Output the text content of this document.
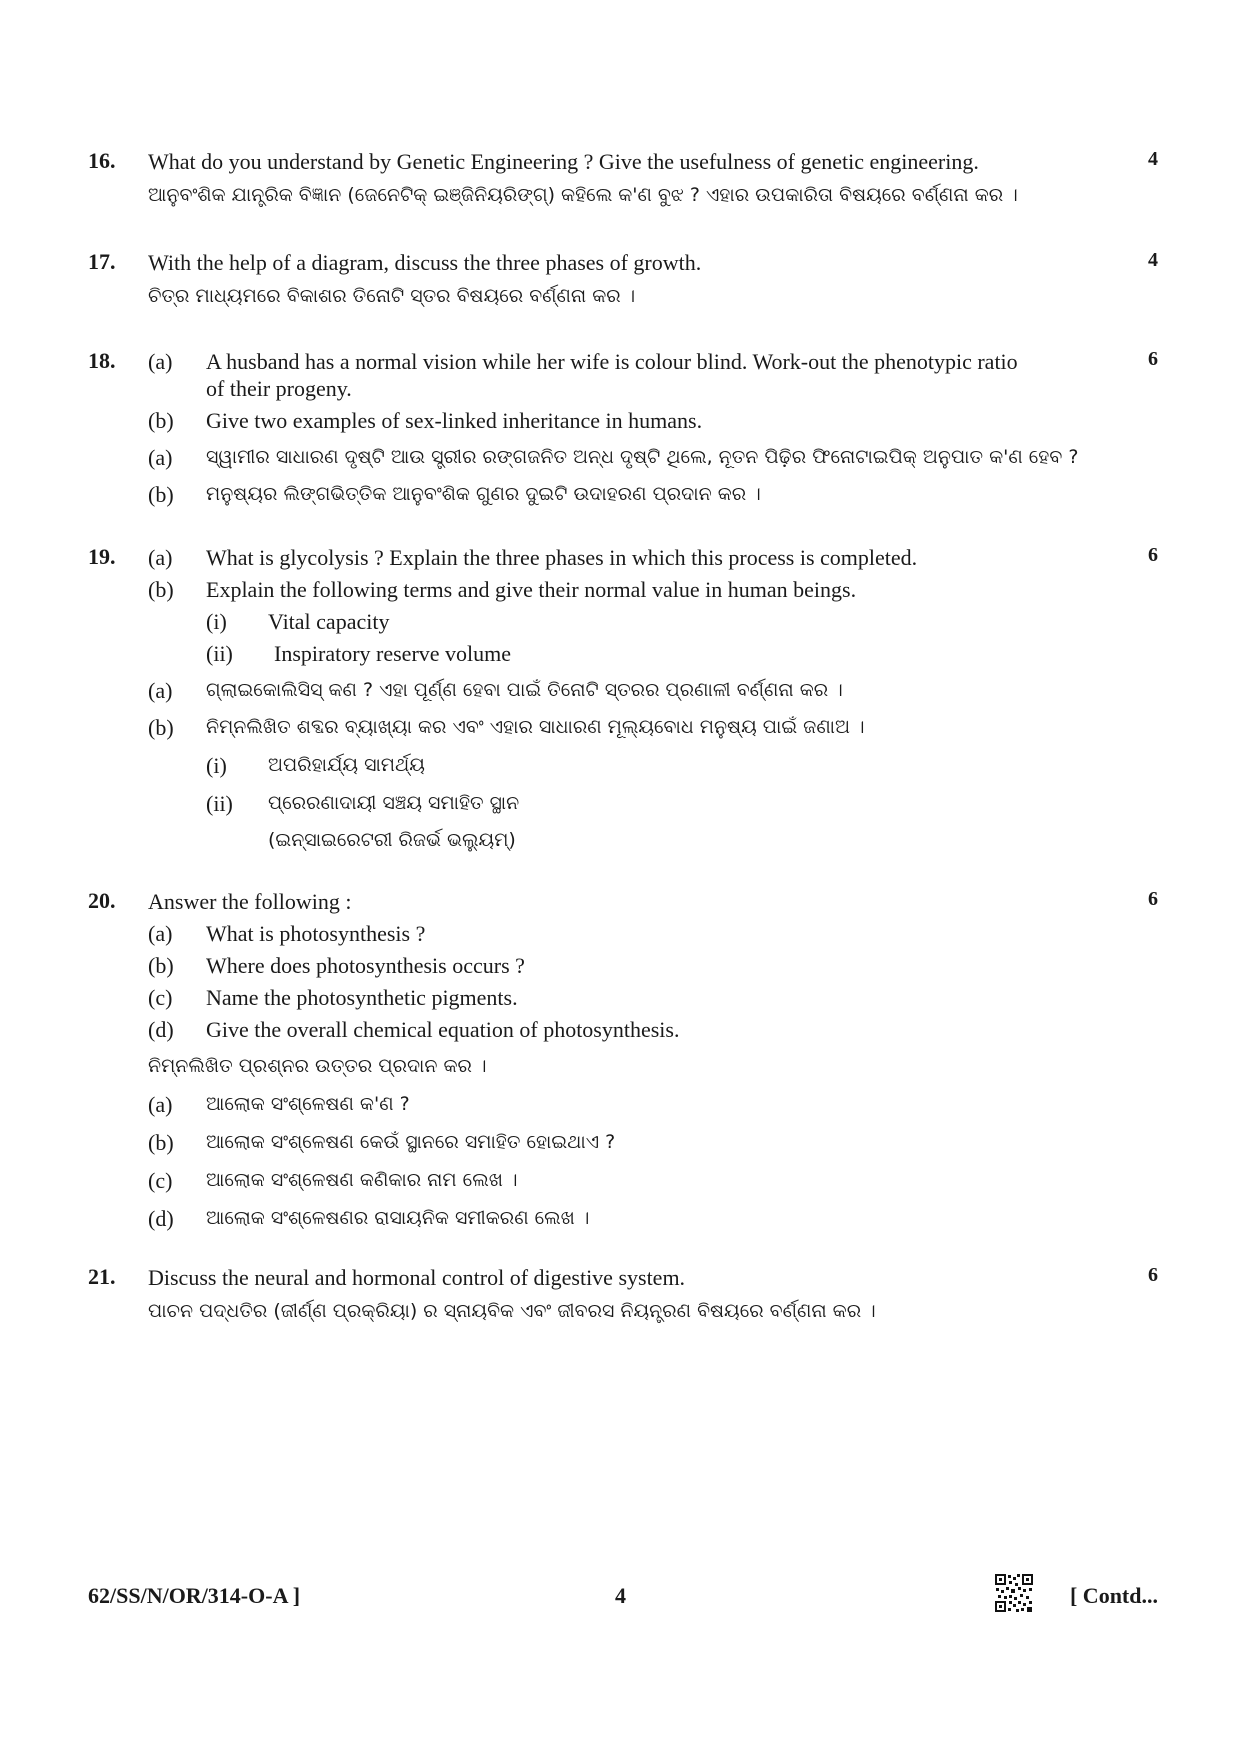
16. What do you understand by Genetic Engineering ? Give the usefulness of genetic engineering.
ଆନୁବଂଶିକ ଯାନ୍ତ୍ରିକ ବିଜ୍ଞାନ (ଜେନେଟିକ୍ ଇଞ୍ଜିନିୟରିଙ୍ଗ୍) କହିଲେ କ'ଣ ବୁଝ ? ଏହାର ଉପକାରିତା ବିଷୟରେ ବର୍ଣ୍ଣନା କର ।
4
17. With the help of a diagram, discuss the three phases of growth.
ଚିତ୍ର ମାଧ୍ୟମରେ ବିକାଶର ତିନୋଟି ସ୍ତର ବିଷୟରେ ବର୍ଣ୍ଣନା କର ।
4
18. (a) A husband has a normal vision while her wife is colour blind. Work-out the phenotypic ratio of their progeny.
(b) Give two examples of sex-linked inheritance in humans.
(a) ସ୍ୱାମୀର ସାଧାରଣ ଦୃଷ୍ଟି ଆଉ ସ୍ତ୍ରୀର ରଙ୍ଗଜନିତ ଅନ୍ଧ ଦୃଷ୍ଟି ଥିଲେ, ନୂତନ ପିଢ଼ିର ଫିନୋଟାଇପିକ୍ ଅନୁପାତ କ'ଣ ହେବ ?
(b) ମନୁଷ୍ୟର ଲିଙ୍ଗଭିତ୍ତିକ ଆନୁବଂଶିକ ଗୁଣର ଦୁଇଟି ଉଦାହରଣ ପ୍ରଦାନ କର ।
6
19. (a) What is glycolysis ? Explain the three phases in which this process is completed.
(b) Explain the following terms and give their normal value in human beings.
(i) Vital capacity
(ii) Inspiratory reserve volume
(a) ଗ୍ଲାଇକୋଲିସିସ୍ କଣ ? ଏହା ପୂର୍ଣ୍ଣ ହେବା ପାଇଁ ତିନୋଟି ସ୍ତରର ପ୍ରଣାଳୀ ବର୍ଣ୍ଣନା କର ।
(b) ନିମ୍ନଲିଖିତ ଶବ୍ଦର ବ୍ୟାଖ୍ୟା କର ଏବଂ ଏହାର ସାଧାରଣ ମୂଲ୍ୟବୋଧ ମନୁଷ୍ୟ ପାଇଁ ଜଣାଅ ।
(i) ଅପରିହାର୍ଯ୍ୟ ସାମର୍ଥ୍ୟ
(ii) ପ୍ରେରଣାଦାୟୀ ସଞ୍ଚୟ ସମାହିତ ସ୍ଥାନ
(ଇନ୍ସାଇରେଟରୀ ରିଜର୍ଭ ଭଲ୍ୟୁମ୍)
6
20. Answer the following :
(a) What is photosynthesis ?
(b) Where does photosynthesis occurs ?
(c) Name the photosynthetic pigments.
(d) Give the overall chemical equation of photosynthesis.
ନିମ୍ନଲିଖିତ ପ୍ରଶ୍ନର ଉତ୍ତର ପ୍ରଦାନ କର ।
(a) ଆଲୋକ ସଂଶ୍ଳେଷଣ କ'ଣ ?
(b) ଆଲୋକ ସଂଶ୍ଳେଷଣ କେଉଁ ସ୍ଥାନରେ ସମାହିତ ହୋଇଥାଏ ?
(c) ଆଲୋକ ସଂଶ୍ଳେଷଣ କଣିକାର ନାମ ଲେଖ ।
(d) ଆଲୋକ ସଂଶ୍ଳେଷଣର ରାସାୟନିକ ସମୀକରଣ ଲେଖ ।
6
21. Discuss the neural and hormonal control of digestive system.
ପାଚନ ପଦ୍ଧତିର (ଜୀର୍ଣ୍ଣ ପ୍ରକ୍ରିୟା) ର ସ୍ନାୟବିକ ଏବଂ ଜୀବରସ ନିୟନ୍ତ୍ରଣ ବିଷୟରେ ବର୍ଣ୍ଣନା କର ।
6
62/SS/N/OR/314-O-A ]	4	[ Contd...
